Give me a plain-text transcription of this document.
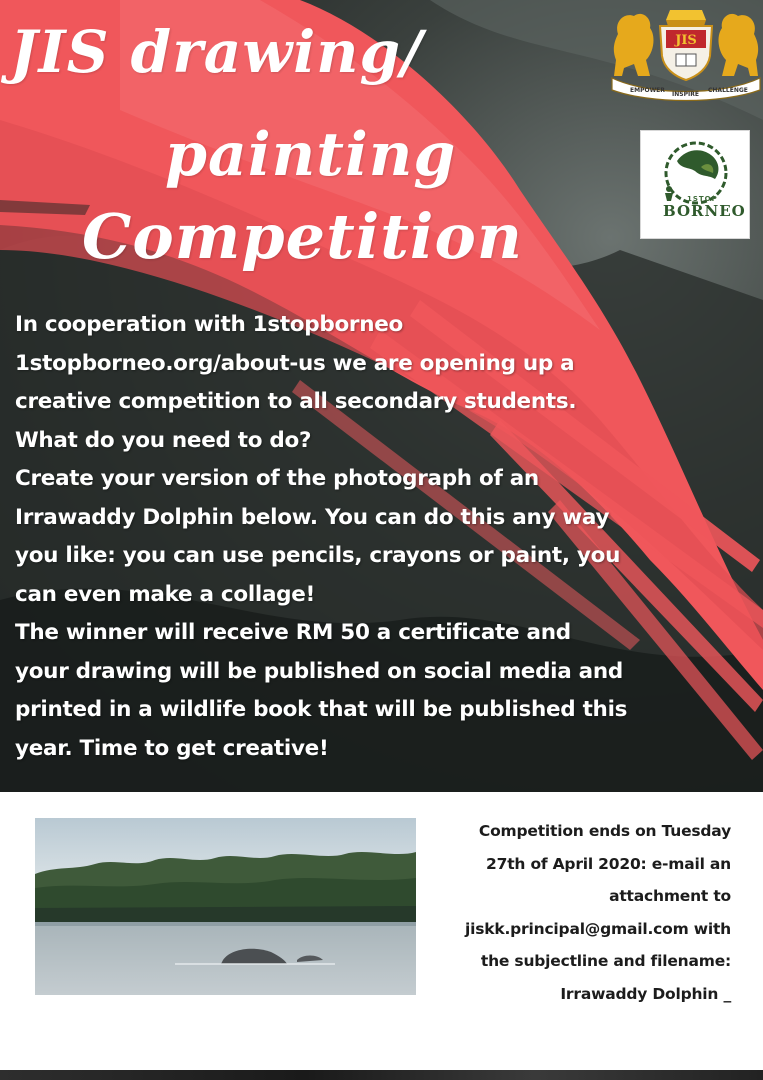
JIS drawing/
painting
Competition
JIS
EMPOWER
INSPIRE
CHALLENGE
1STOP
BORNEO
In cooperation with 1stopborneo
1stopborneo.org/about-us we are opening up a
creative competition to all secondary students.
What do you need to do?
Create your version of the photograph of an
Irrawaddy Dolphin below. You can do this any way
you like: you can use pencils, crayons or paint, you
can even make a collage!
The winner will receive RM 50 a certificate and
your drawing will be published on social media and
printed in a wildlife book that will be published this
year. Time to get creative!
Competition ends on Tuesday
27th of April 2020: e-mail an
attachment to
jiskk.principal@gmail.com with
the subjectline and filename:
Irrawaddy Dolphin _
